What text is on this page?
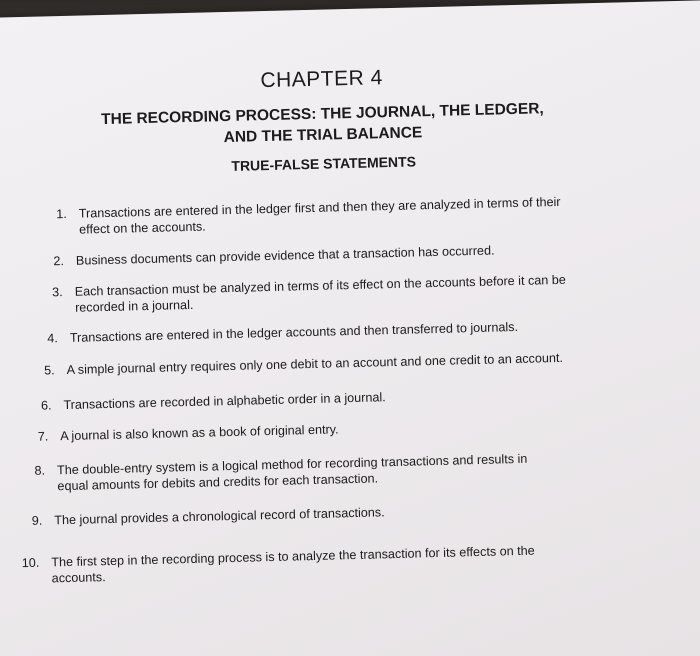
CHAPTER 4
THE RECORDING PROCESS: THE JOURNAL, THE LEDGER,
AND THE TRIAL BALANCE
TRUE-FALSE STATEMENTS
1. Transactions are entered in the ledger first and then they are analyzed in terms of their
effect on the accounts.
2. Business documents can provide evidence that a transaction has occurred.
3. Each transaction must be analyzed in terms of its effect on the accounts before it can be
recorded in a journal.
4. Transactions are entered in the ledger accounts and then transferred to journals.
5. A simple journal entry requires only one debit to an account and one credit to an account.
6. Transactions are recorded in alphabetic order in a journal.
7. A journal is also known as a book of original entry.
8. The double-entry system is a logical method for recording transactions and results in
equal amounts for debits and credits for each transaction.
9. The journal provides a chronological record of transactions.
10. The first step in the recording process is to analyze the transaction for its effects on the
accounts.
